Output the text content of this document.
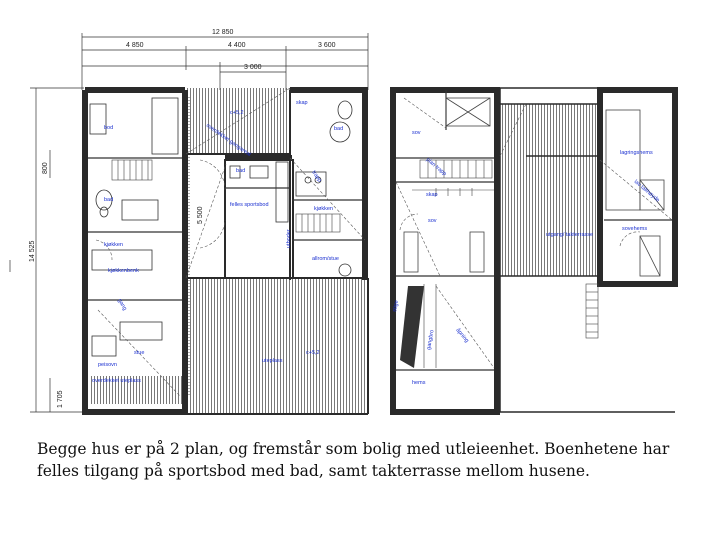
12 850
4 850	4 400	3 600
3 000
14 525
800
1 705
5 500
bod
bad
kjøkken
kjøkkenbenk
stue
peisovn
overdekket uteplass
felles sportsbod
bad
skap
bad
kjøkken
allrom/stue
c+5,2
overdekket gangareal
uteplass
c+5,2
utboder
gang
trapp
sov
sov
skap
hems
lagringshems
sovehems
utgang/ takterrasse
plan trapp
lav takhøyde
stige
gangbro	åpning

Begge hus er på 2 plan, og fremstår som bolig med utleieenhet. Boenhetene har
felles tilgang på sportsbod med bad, samt takterrasse mellom husene.
